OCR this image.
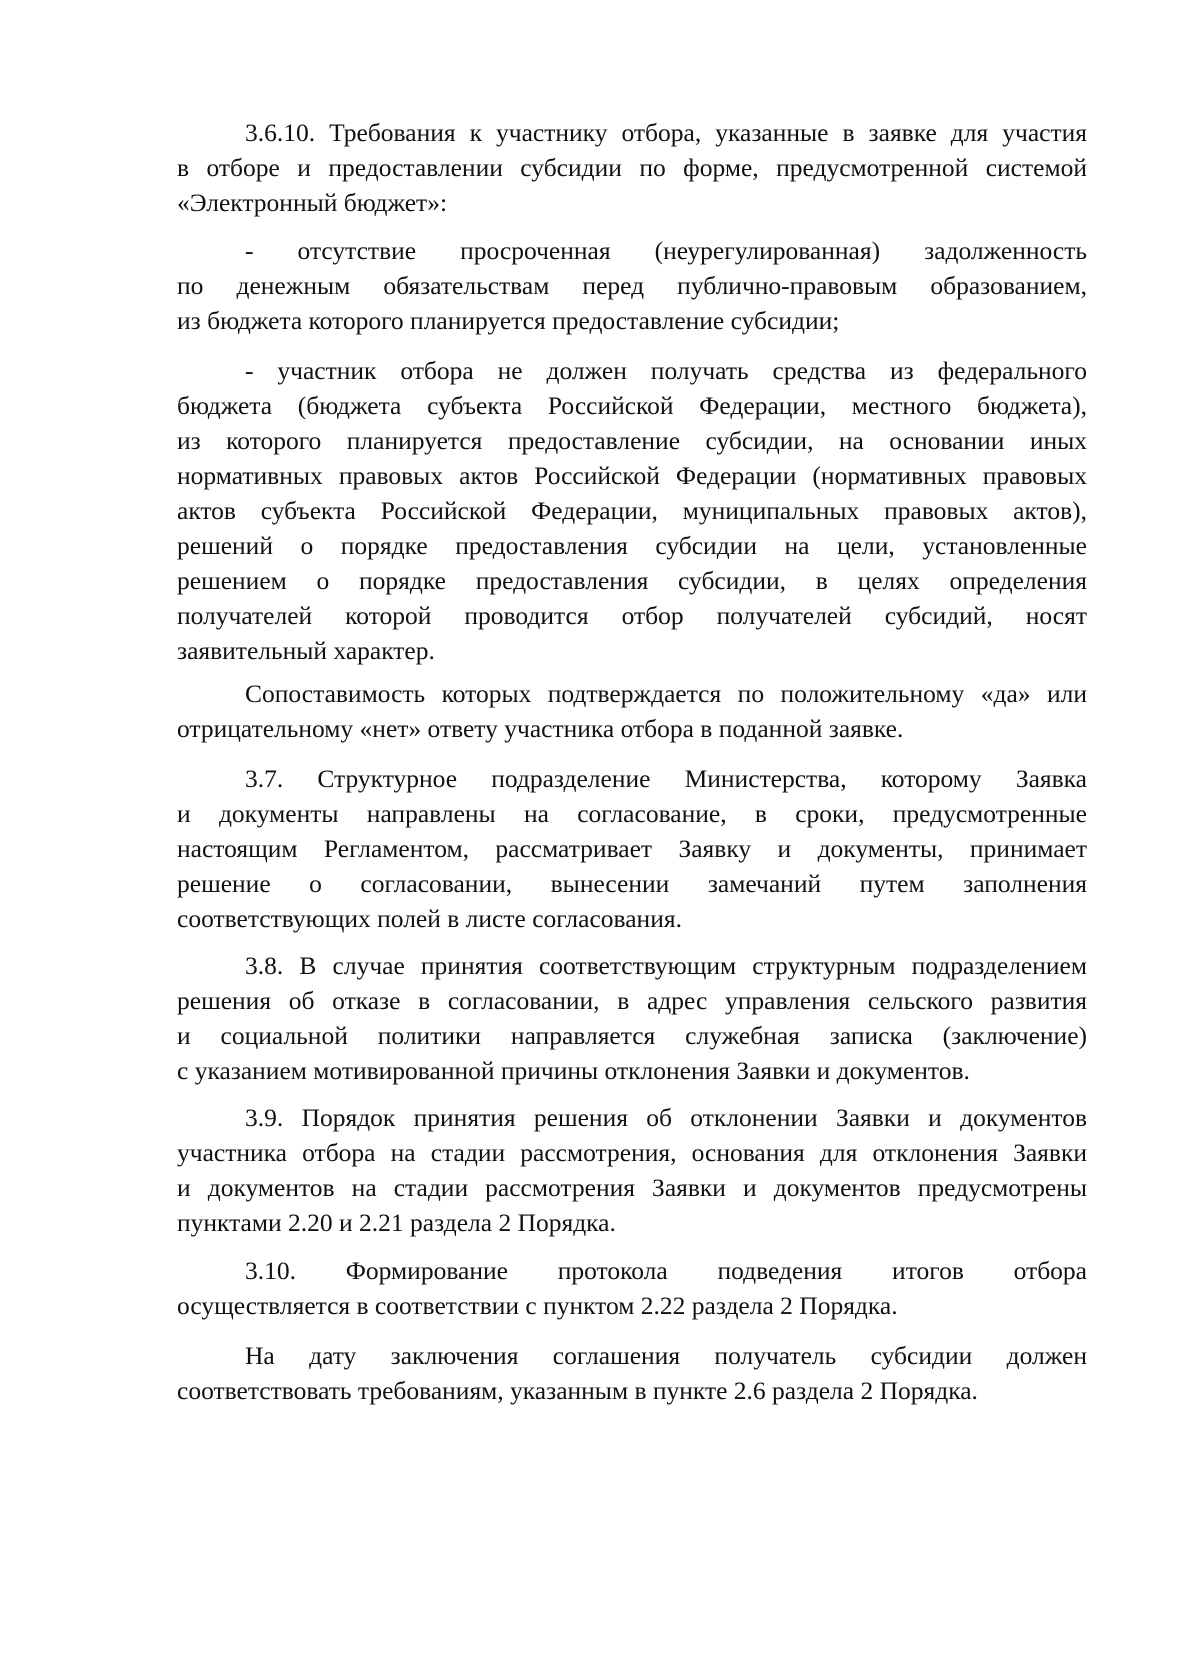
3.6.10. Требования к участнику отбора, указанные в заявке для участия
в отборе и предоставлении субсидии по форме, предусмотренной системой
«Электронный бюджет»:
- отсутствие просроченная (неурегулированная) задолженность
по денежным обязательствам перед публично-правовым образованием,
из бюджета которого планируется предоставление субсидии;
- участник отбора не должен получать средства из федерального
бюджета (бюджета субъекта Российской Федерации, местного бюджета),
из которого планируется предоставление субсидии, на основании иных
нормативных правовых актов Российской Федерации (нормативных правовых
актов субъекта Российской Федерации, муниципальных правовых актов),
решений о порядке предоставления субсидии на цели, установленные
решением о порядке предоставления субсидии, в целях определения
получателей которой проводится отбор получателей субсидий, носят
заявительный характер.
Сопоставимость которых подтверждается по положительному «да» или
отрицательному «нет» ответу участника отбора в поданной заявке.
3.7. Структурное подразделение Министерства, которому Заявка
и документы направлены на согласование, в сроки, предусмотренные
настоящим Регламентом, рассматривает Заявку и документы, принимает
решение о согласовании, вынесении замечаний путем заполнения
соответствующих полей в листе согласования.
3.8. В случае принятия соответствующим структурным подразделением
решения об отказе в согласовании, в адрес управления сельского развития
и социальной политики направляется служебная записка (заключение)
с указанием мотивированной причины отклонения Заявки и документов.
3.9. Порядок принятия решения об отклонении Заявки и документов
участника отбора на стадии рассмотрения, основания для отклонения Заявки
и документов на стадии рассмотрения Заявки и документов предусмотрены
пунктами 2.20 и 2.21 раздела 2 Порядка.
3.10. Формирование протокола подведения итогов отбора
осуществляется в соответствии с пунктом 2.22 раздела 2 Порядка.
На дату заключения соглашения получатель субсидии должен
соответствовать требованиям, указанным в пункте 2.6 раздела 2 Порядка.
